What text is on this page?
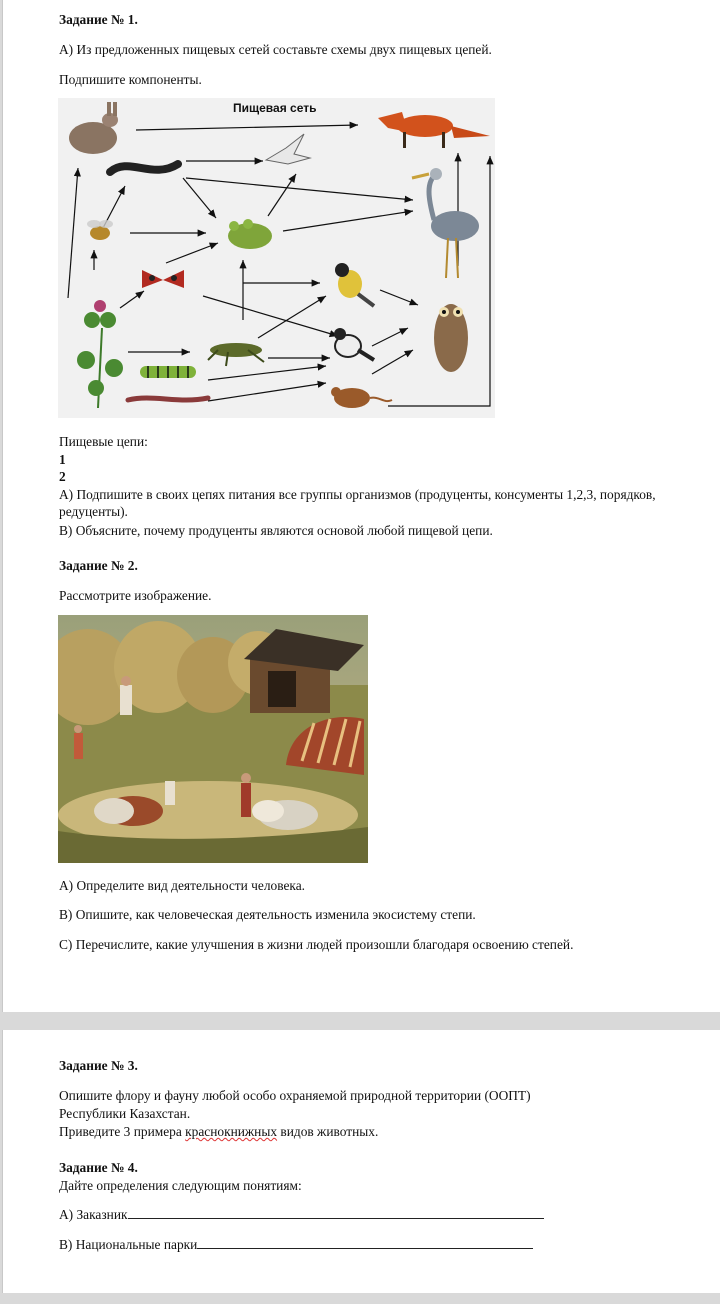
Задание № 1.
А) Из предложенных пищевых сетей составьте схемы двух пищевых цепей.
Подпишите компоненты.
Пищевая сеть
Пищевые цепи:
1
2
А) Подпишите в своих цепях питания все группы организмов (продуценты, консументы 1,2,3, порядков, редуценты).
В) Объясните, почему продуценты являются основой любой пищевой цепи.
Задание № 2.
Рассмотрите изображение.
А) Определите вид деятельности человека.
В) Опишите, как человеческая деятельность изменила экосистему степи.
С) Перечислите, какие улучшения в жизни людей произошли благодаря освоению степей.
Задание № 3.
Опишите флору и фауну любой особо охраняемой природной территории (ООПТ)
Республики Казахстан.
Приведите 3 примера краснокнижных видов животных.
Задание № 4.
Дайте определения следующим понятиям:
А) Заказник
В) Национальные парки
